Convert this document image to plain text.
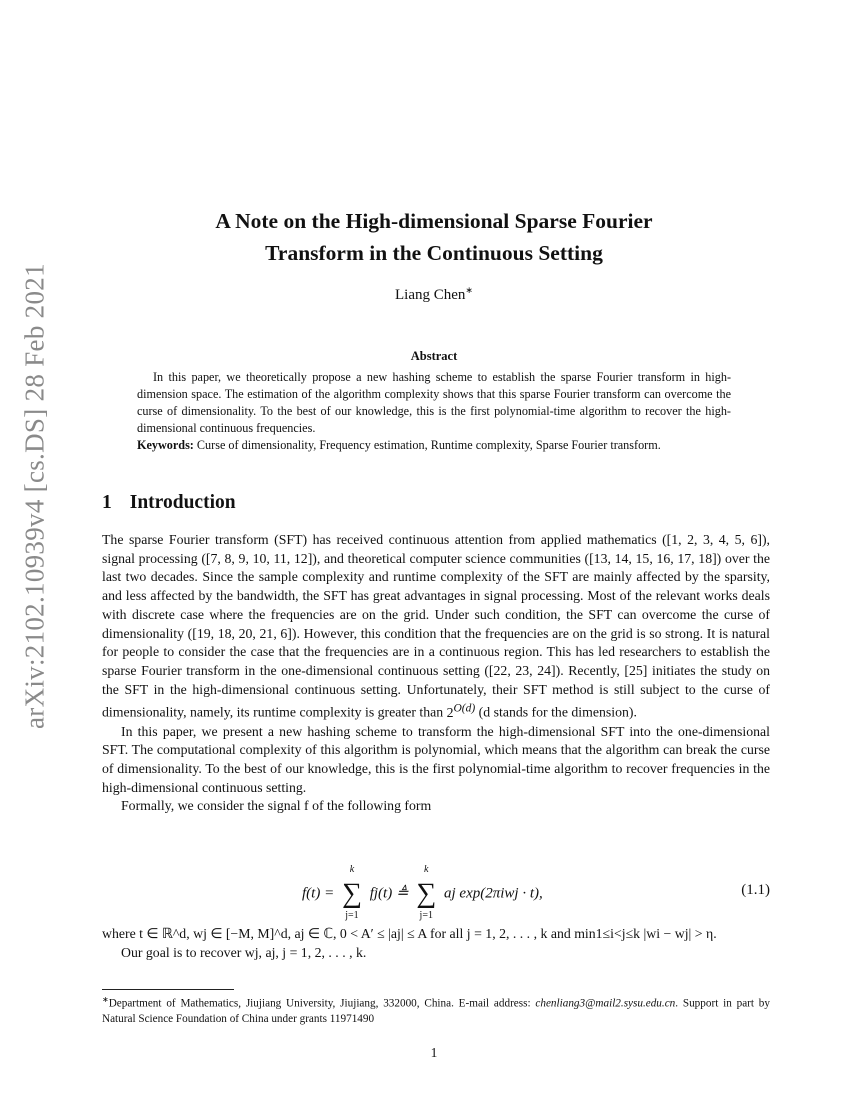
arXiv:2102.10939v4 [cs.DS] 28 Feb 2021
A Note on the High-dimensional Sparse Fourier
Transform in the Continuous Setting
Liang Chen∗
Abstract

In this paper, we theoretically propose a new hashing scheme to establish the sparse Fourier transform in high-dimension space. The estimation of the algorithm complexity shows that this sparse Fourier transform can overcome the curse of dimensionality. To the best of our knowledge, this is the first polynomial-time algorithm to recover the high-dimensional continuous frequencies.

Keywords: Curse of dimensionality, Frequency estimation, Runtime complexity, Sparse Fourier transform.

1 Introduction

The sparse Fourier transform (SFT) has received continuous attention from applied mathematics ([1, 2, 3, 4, 5, 6]), signal processing ([7, 8, 9, 10, 11, 12]), and theoretical computer science communities ([13, 14, 15, 16, 17, 18]) over the last two decades. Since the sample complexity and runtime complexity of the SFT are mainly affected by the sparsity, and less affected by the bandwidth, the SFT has great advantages in signal processing. Most of the relevant works deals with discrete case where the frequencies are on the grid. Under such condition, the SFT can overcome the curse of dimensionality ([19, 18, 20, 21, 6]). However, this condition that the frequencies are on the grid is so strong. It is natural for people to consider the case that the frequencies are in a continuous region. This has led researchers to establish the sparse Fourier transform in the one-dimensional continuous setting ([22, 23, 24]). Recently, [25] initiates the study on the SFT in the high-dimensional continuous setting. Unfortunately, their SFT method is still subject to the curse of dimensionality, namely, its runtime complexity is greater than $2^{O(d)}$ (d stands for the dimension).

In this paper, we present a new hashing scheme to transform the high-dimensional SFT into the one-dimensional SFT. The computational complexity of this algorithm is polynomial, which means that the algorithm can break the curse of dimensionality. To the best of our knowledge, this is the first polynomial-time algorithm to recover frequencies in the high-dimensional continuous setting.

Formally, we consider the signal f of the following form

f(t) =
k
∑
j=1
fj(t) ≜
k
∑
j=1
aj exp(2πiwj · t),	(1.1)

where t ∈ ℝ^d, wj ∈ [−M, M]^d, aj ∈ ℂ, 0 < A′ ≤ |aj| ≤ A for all j = 1, 2, . . . , k and min1≤i<j≤k |wi − wj| > η.

Our goal is to recover wj, aj, j = 1, 2, . . . , k.

∗Department of Mathematics, Jiujiang University, Jiujiang, 332000, China. E-mail address: chenliang3@mail2.sysu.edu.cn. Support in part by Natural Science Foundation of China under grants 11971490
1
